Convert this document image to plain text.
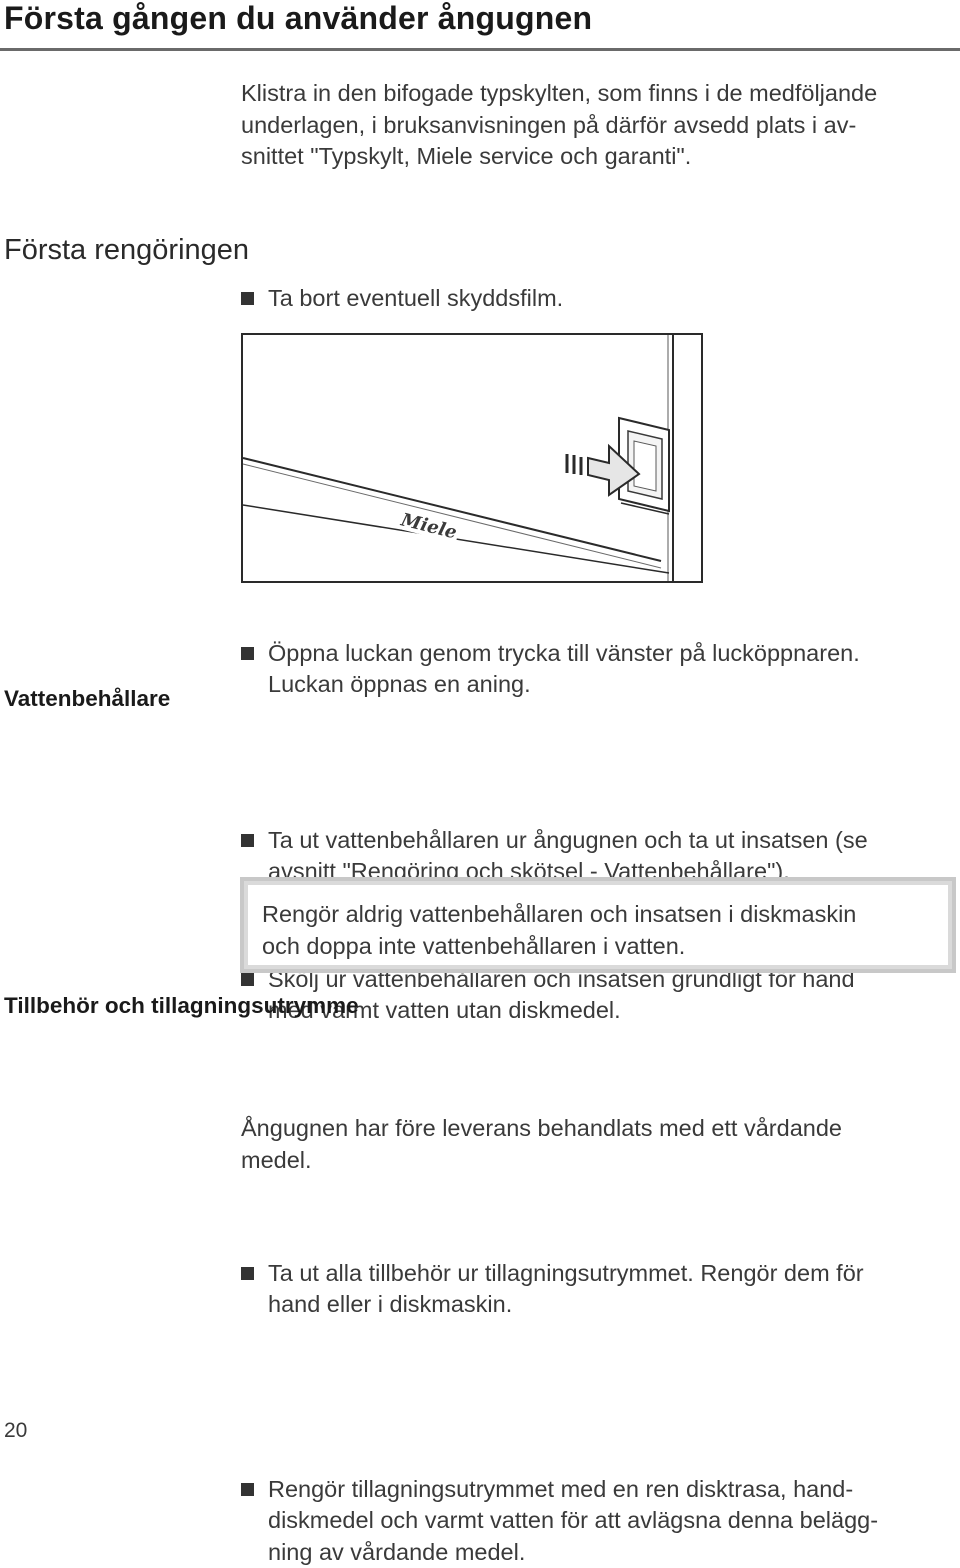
Första gången du använder ångugnen
Klistra in den bifogade typskylten, som finns i de medföljande
underlagen, i bruksanvisningen på därför avsedd plats i av-
snittet "Typskylt, Miele service och garanti".
Första rengöringen
Ta bort eventuell skyddsfilm.
Miele
Öppna luckan genom trycka till vänster på lucköppnaren.
Luckan öppnas en aning.
Vattenbehållare
Ta ut vattenbehållaren ur ångugnen och ta ut insatsen (se
avsnitt "Rengöring och skötsel - Vattenbehållare").
Skölj ur vattenbehållaren och insatsen grundligt för hand
med varmt vatten utan diskmedel.
Rengör aldrig vattenbehållaren och insatsen i diskmaskin
och doppa inte vattenbehållaren i vatten.
Tillbehör och tillagningsutrymme
Ta ut alla tillbehör ur tillagningsutrymmet. Rengör dem för
hand eller i diskmaskin.
Ångugnen har före leverans behandlats med ett vårdande
medel.
Rengör tillagningsutrymmet med en ren disktrasa, hand-
diskmedel och varmt vatten för att avlägsna denna belägg-
ning av vårdande medel.
20
